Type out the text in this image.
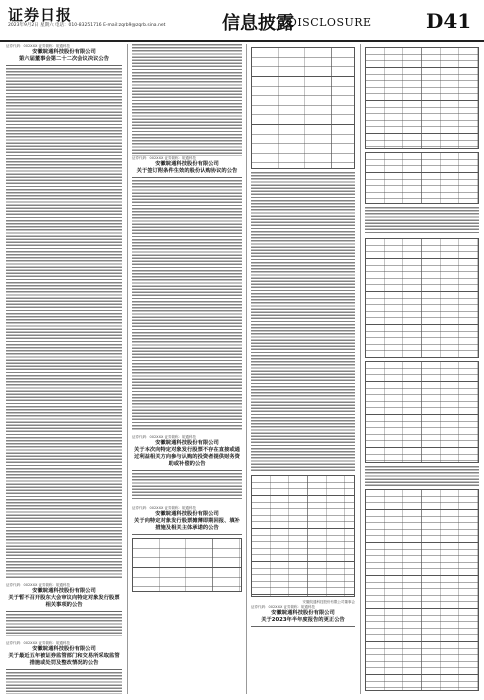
证券日报
2023年9月2日 星期六 电话：010-83251716 E-mail:zqrb9@zqrb.sina.net	信息披露
DISCLOSURE	D41
证券代码：002XXX 证券简称：皖通科技
安徽皖通科技股份有限公司
第六届董事会第二十二次会议决议公告
证券代码：002XXX 证券简称：皖通科技
安徽皖通科技股份有限公司
关于暂不召开股东大会审议向特定对象发行股票相关事项的公告
证券代码：002XXX 证券简称：皖通科技
安徽皖通科技股份有限公司
关于最近五年被证券监管部门和交易所采取监管措施或处罚及整改情况的公告
证券代码：002XXX 证券简称：皖通科技
安徽皖通科技股份有限公司
关于签订附条件生效的股份认购协议的公告
证券代码：002XXX 证券简称：皖通科技
安徽皖通科技股份有限公司
关于本次向特定对象发行股票不存在直接或通过利益相关方向参与认购的投资者提供财务资助或补偿的公告
证券代码：002XXX 证券简称：皖通科技
安徽皖通科技股份有限公司
关于向特定对象发行股票摊薄即期回报、填补措施及相关主体承诺的公告
安徽皖通科技股份有限公司董事会
证券代码：002XXX 证券简称：皖通科技
安徽皖通科技股份有限公司
关于2023年半年度报告的更正公告
